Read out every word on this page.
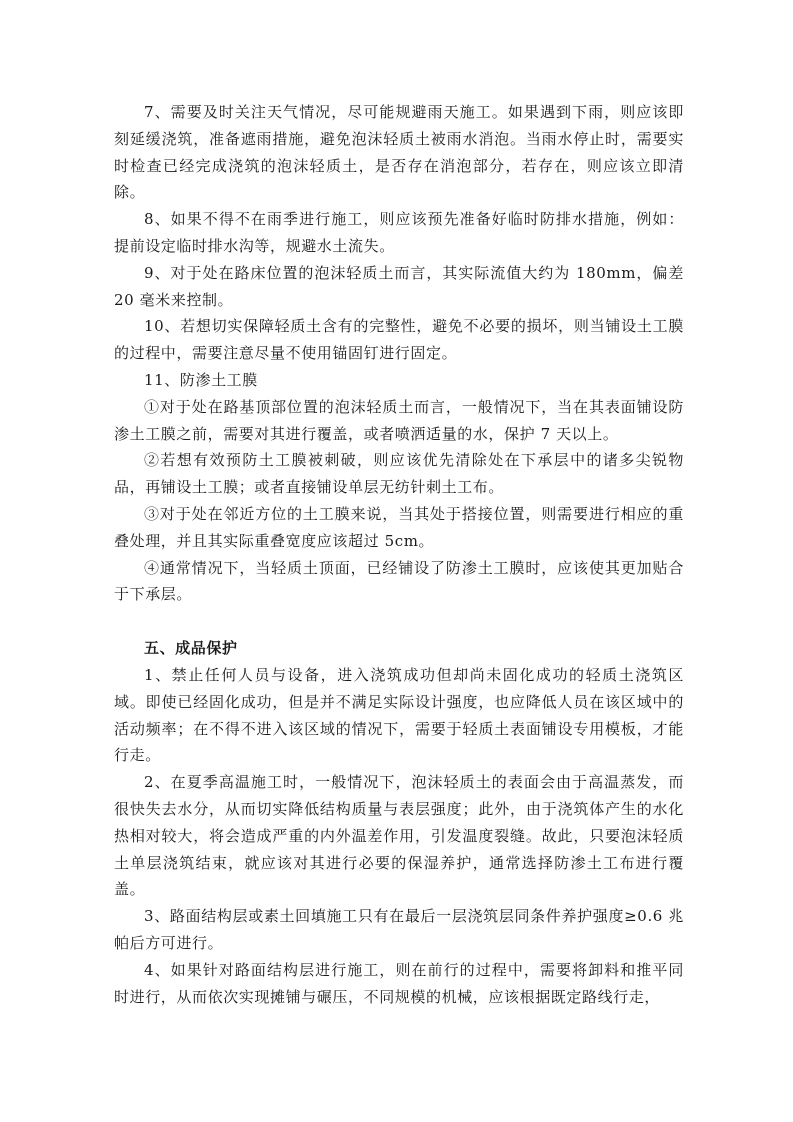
7、需要及时关注天气情况，尽可能规避雨天施工。如果遇到下雨，则应该即刻延缓浇筑，准备遮雨措施，避免泡沫轻质土被雨水消泡。当雨水停止时，需要实时检查已经完成浇筑的泡沫轻质土，是否存在消泡部分，若存在，则应该立即清除。

8、如果不得不在雨季进行施工，则应该预先准备好临时防排水措施，例如：提前设定临时排水沟等，规避水土流失。

9、对于处在路床位置的泡沫轻质土而言，其实际流值大约为 180mm，偏差 20 毫米来控制。

10、若想切实保障轻质土含有的完整性，避免不必要的损坏，则当铺设土工膜的过程中，需要注意尽量不使用锚固钉进行固定。

11、防渗土工膜

①对于处在路基顶部位置的泡沫轻质土而言，一般情况下，当在其表面铺设防渗土工膜之前，需要对其进行覆盖，或者喷洒适量的水，保护 7 天以上。

②若想有效预防土工膜被刺破，则应该优先清除处在下承层中的诸多尖锐物品，再铺设土工膜；或者直接铺设单层无纺针刺土工布。

③对于处在邻近方位的土工膜来说，当其处于搭接位置，则需要进行相应的重叠处理，并且其实际重叠宽度应该超过 5cm。

④通常情况下，当轻质土顶面，已经铺设了防渗土工膜时，应该使其更加贴合于下承层。

五、成品保护

1、禁止任何人员与设备，进入浇筑成功但却尚未固化成功的轻质土浇筑区域。即使已经固化成功，但是并不满足实际设计强度，也应降低人员在该区域中的活动频率；在不得不进入该区域的情况下，需要于轻质土表面铺设专用模板，才能行走。

2、在夏季高温施工时，一般情况下，泡沫轻质土的表面会由于高温蒸发，而很快失去水分，从而切实降低结构质量与表层强度；此外，由于浇筑体产生的水化热相对较大，将会造成严重的内外温差作用，引发温度裂缝。故此，只要泡沫轻质土单层浇筑结束，就应该对其进行必要的保湿养护，通常选择防渗土工布进行覆盖。

3、路面结构层或素土回填施工只有在最后一层浇筑层同条件养护强度≥0.6 兆帕后方可进行。

4、如果针对路面结构层进行施工，则在前行的过程中，需要将卸料和推平同时进行，从而依次实现摊铺与碾压，不同规模的机械，应该根据既定路线行走，
